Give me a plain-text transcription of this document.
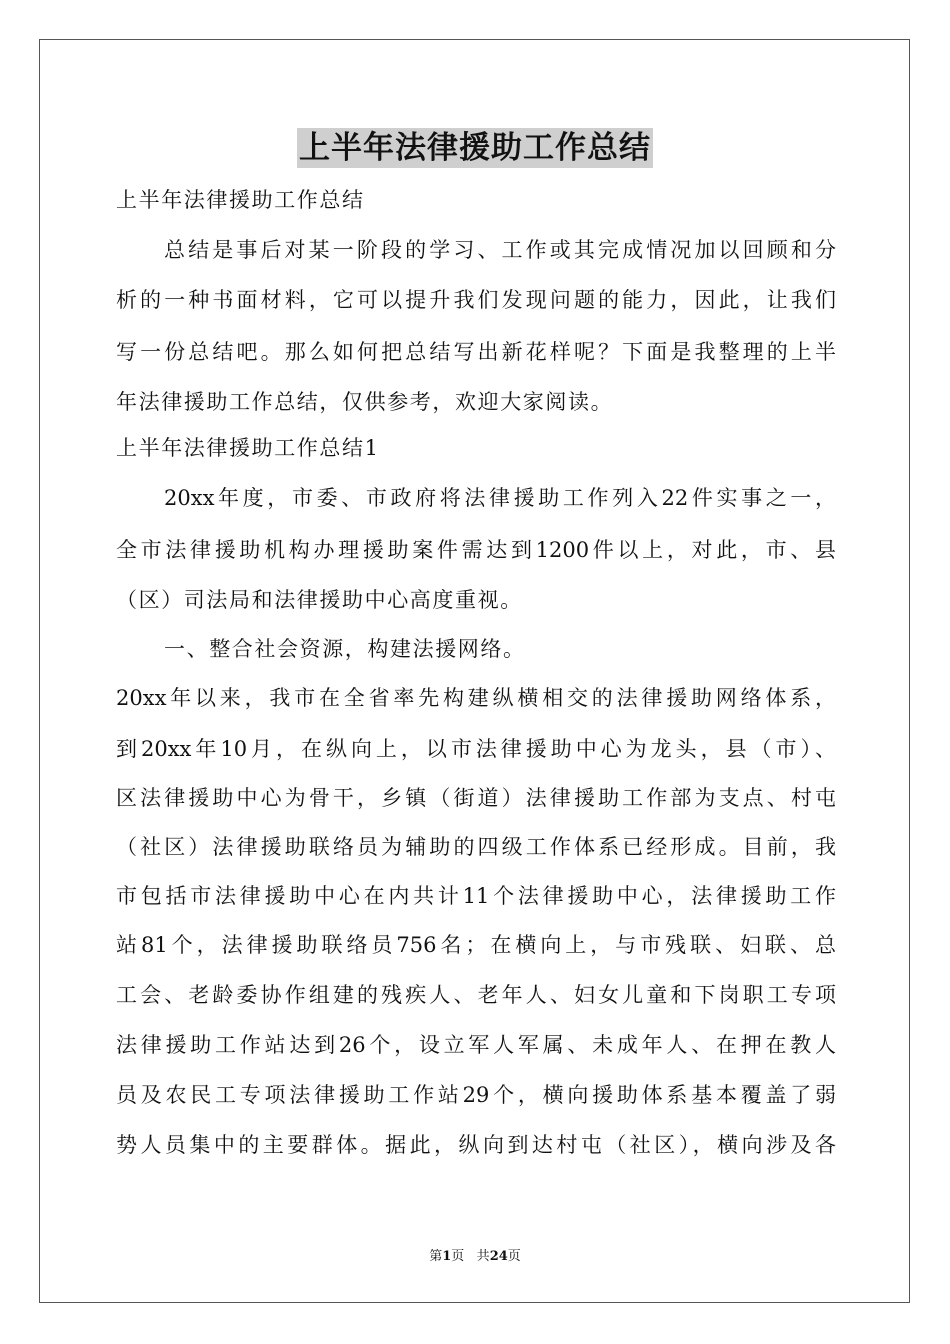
上半年法律援助工作总结
上半年法律援助工作总结
总结是事后对某一阶段的学习、工作或其完成情况加以回顾和分
析的一种书面材料，它可以提升我们发现问题的能力，因此，让我们
写一份总结吧。那么如何把总结写出新花样呢？下面是我整理的上半
年法律援助工作总结，仅供参考，欢迎大家阅读。
上半年法律援助工作总结1
20xx年度，市委、市政府将法律援助工作列入22件实事之一，
全市法律援助机构办理援助案件需达到1200件以上，对此，市、县
（区）司法局和法律援助中心高度重视。
一、整合社会资源，构建法援网络。
20xx年以来，我市在全省率先构建纵横相交的法律援助网络体系，
到20xx年10月，在纵向上，以市法律援助中心为龙头，县（市）、
区法律援助中心为骨干，乡镇（街道）法律援助工作部为支点、村屯
（社区）法律援助联络员为辅助的四级工作体系已经形成。目前，我
市包括市法律援助中心在内共计11个法律援助中心，法律援助工作
站81个，法律援助联络员756名；在横向上，与市残联、妇联、总
工会、老龄委协作组建的残疾人、老年人、妇女儿童和下岗职工专项
法律援助工作站达到26个，设立军人军属、未成年人、在押在教人
员及农民工专项法律援助工作站29个，横向援助体系基本覆盖了弱
势人员集中的主要群体。据此，纵向到达村屯（社区），横向涉及各
第1页 共24页
